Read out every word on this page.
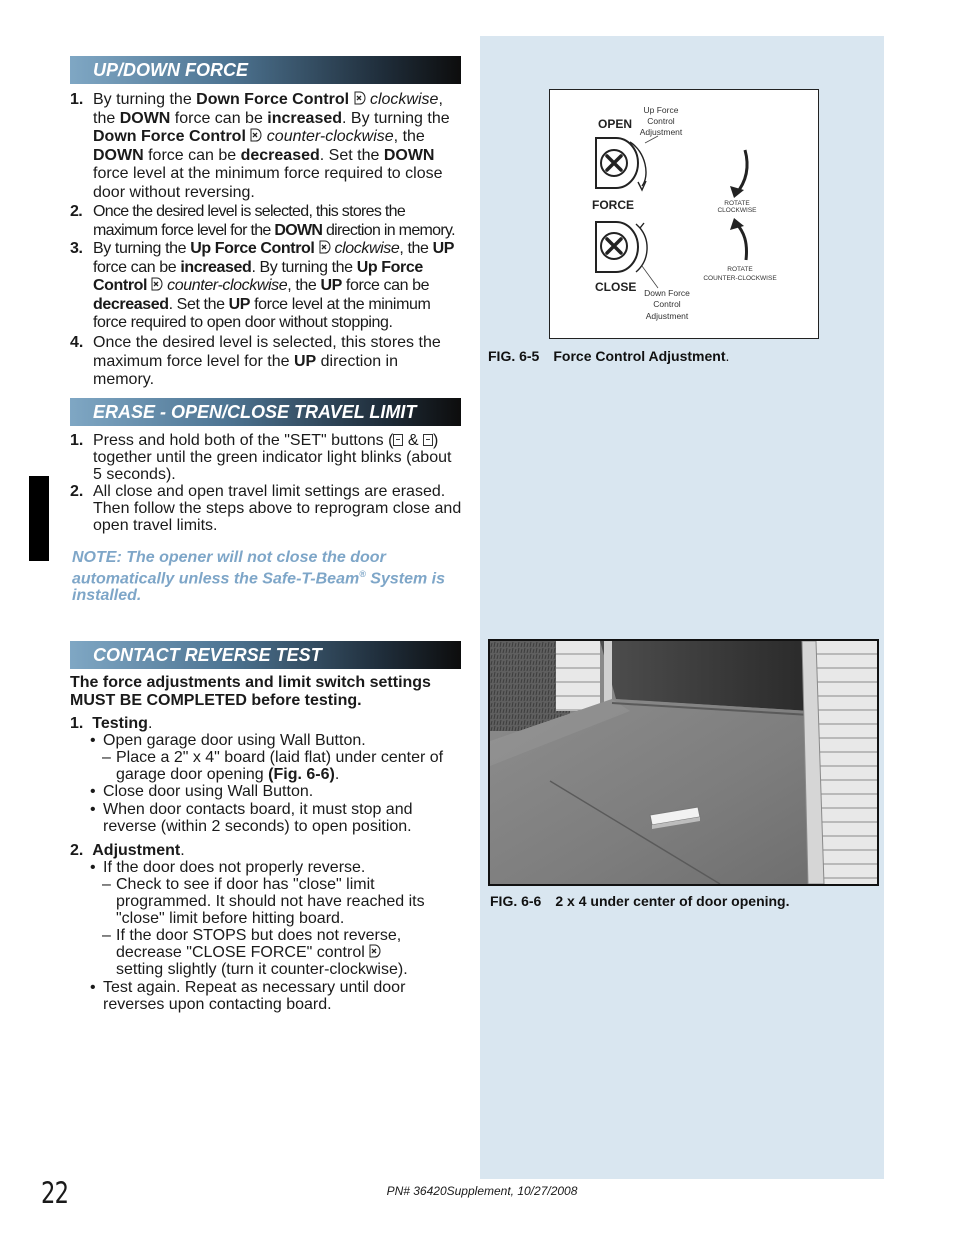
UP/DOWN FORCE
1. By turning the Down Force Control clockwise, the DOWN force can be increased. By turning the Down Force Control counter-clockwise, the DOWN force can be decreased. Set the DOWN force level at the minimum force required to close door without reversing.
2. Once the desired level is selected, this stores the maximum force level for the DOWN direction in memory.
3. By turning the Up Force Control clockwise, the UP force can be increased. By turning the Up Force Control counter-clockwise, the UP force can be decreased. Set the UP force level at the minimum force required to open door without stopping.
4. Once the desired level is selected, this stores the maximum force level for the UP direction in memory.
ERASE - OPEN/CLOSE TRAVEL LIMIT
1. Press and hold both of the "SET" buttons ( & ) together until the green indicator light blinks (about 5 seconds).
2. All close and open travel limit settings are erased. Then follow the steps above to reprogram close and open travel limits.
NOTE: The opener will not close the door automatically unless the Safe-T-Beam® System is installed.
CONTACT REVERSE TEST
The force adjustments and limit switch settings MUST BE COMPLETED before testing.
1. Testing.
• Open garage door using Wall Button.
– Place a 2" x 4" board (laid flat) under center of garage door opening (Fig. 6-6).
• Close door using Wall Button.
• When door contacts board, it must stop and reverse (within 2 seconds) to open position.
2. Adjustment.
• If the door does not properly reverse.
– Check to see if door has "close" limit programmed. It should not have reached its "close" limit before hitting board.
– If the door STOPS but does not reverse, decrease "CLOSE FORCE" control
setting slightly (turn it counter-clockwise).
• Test again. Repeat as necessary until door reverses upon contacting board.
OPEN
FORCE
CLOSE
Up Force
Control
Adjustment
Down Force
Control
Adjustment
ROTATE
CLOCKWISE
ROTATE
COUNTER-CLOCKWISE
FIG. 6-5 Force Control Adjustment.
FIG. 6-6 2 x 4 under center of door opening.
22	PN# 36420Supplement, 10/27/2008
